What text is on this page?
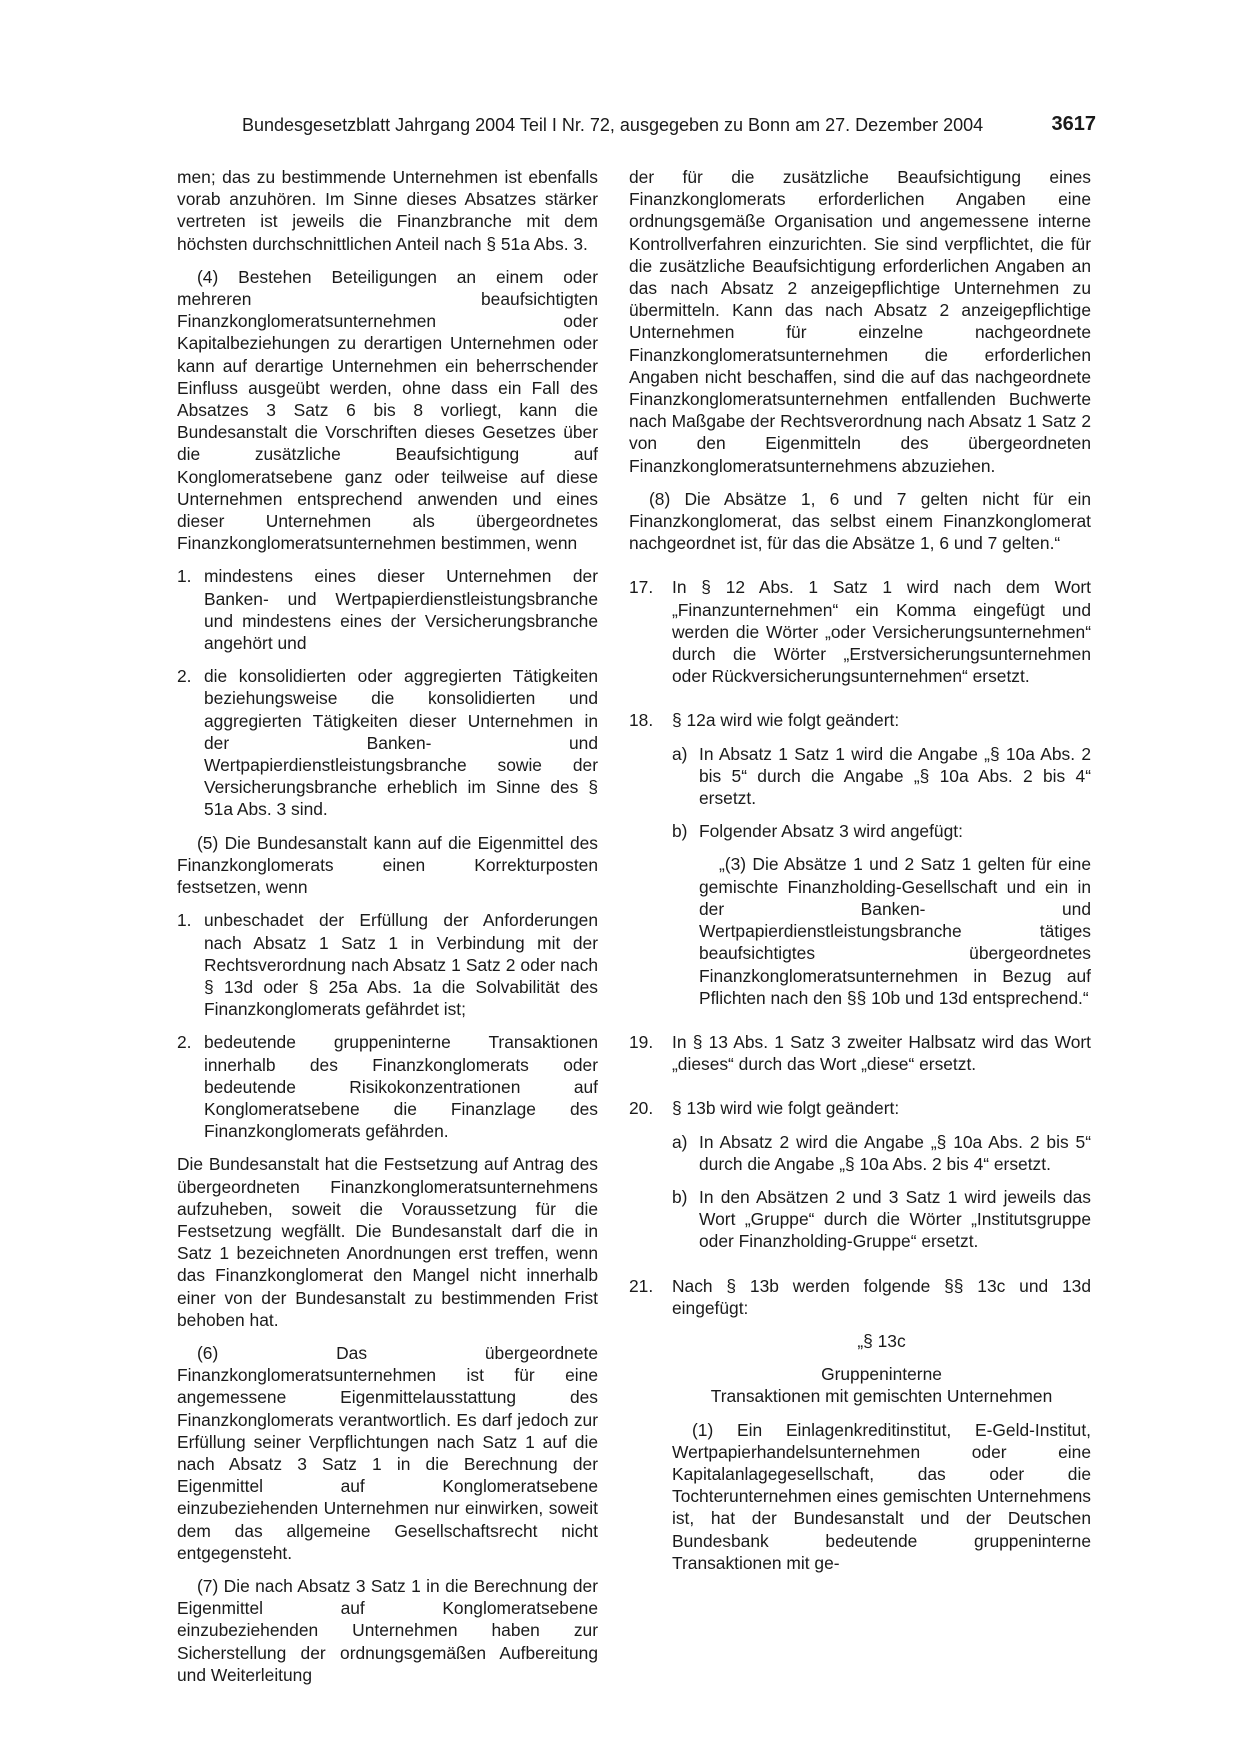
Bundesgesetzblatt Jahrgang 2004 Teil I Nr. 72, ausgegeben zu Bonn am 27. Dezember 2004	3617

men; das zu bestimmende Unternehmen ist ebenfalls vorab anzuhören. Im Sinne dieses Absatzes stärker vertreten ist jeweils die Finanzbranche mit dem höchsten durchschnittlichen Anteil nach § 51a Abs. 3.

(4) Bestehen Beteiligungen an einem oder mehreren beaufsichtigten Finanzkonglomeratsunternehmen oder Kapitalbeziehungen zu derartigen Unternehmen oder kann auf derartige Unternehmen ein beherrschender Einfluss ausgeübt werden, ohne dass ein Fall des Absatzes 3 Satz 6 bis 8 vorliegt, kann die Bundesanstalt die Vorschriften dieses Gesetzes über die zusätzliche Beaufsichtigung auf Konglomeratsebene ganz oder teilweise auf diese Unternehmen entsprechend anwenden und eines dieser Unternehmen als übergeordnetes Finanzkonglomeratsunternehmen bestimmen, wenn

1. mindestens eines dieser Unternehmen der Banken- und Wertpapierdienstleistungsbranche und mindestens eines der Versicherungsbranche angehört und
2. die konsolidierten oder aggregierten Tätigkeiten beziehungsweise die konsolidierten und aggregierten Tätigkeiten dieser Unternehmen in der Banken- und Wertpapierdienstleistungsbranche sowie der Versicherungsbranche erheblich im Sinne des § 51a Abs. 3 sind.

(5) Die Bundesanstalt kann auf die Eigenmittel des Finanzkonglomerats einen Korrekturposten festsetzen, wenn

1. unbeschadet der Erfüllung der Anforderungen nach Absatz 1 Satz 1 in Verbindung mit der Rechtsverordnung nach Absatz 1 Satz 2 oder nach § 13d oder § 25a Abs. 1a die Solvabilität des Finanzkonglomerats gefährdet ist;
2. bedeutende gruppeninterne Transaktionen innerhalb des Finanzkonglomerats oder bedeutende Risikokonzentrationen auf Konglomeratsebene die Finanzlage des Finanzkonglomerats gefährden.

Die Bundesanstalt hat die Festsetzung auf Antrag des übergeordneten Finanzkonglomeratsunternehmens aufzuheben, soweit die Voraussetzung für die Festsetzung wegfällt. Die Bundesanstalt darf die in Satz 1 bezeichneten Anordnungen erst treffen, wenn das Finanzkonglomerat den Mangel nicht innerhalb einer von der Bundesanstalt zu bestimmenden Frist behoben hat.

(6) Das übergeordnete Finanzkonglomeratsunternehmen ist für eine angemessene Eigenmittelausstattung des Finanzkonglomerats verantwortlich. Es darf jedoch zur Erfüllung seiner Verpflichtungen nach Satz 1 auf die nach Absatz 3 Satz 1 in die Berechnung der Eigenmittel auf Konglomeratsebene einzubeziehenden Unternehmen nur einwirken, soweit dem das allgemeine Gesellschaftsrecht nicht entgegensteht.

(7) Die nach Absatz 3 Satz 1 in die Berechnung der Eigenmittel auf Konglomeratsebene einzubeziehenden Unternehmen haben zur Sicherstellung der ordnungsgemäßen Aufbereitung und Weiterleitung

der für die zusätzliche Beaufsichtigung eines Finanzkonglomerats erforderlichen Angaben eine ordnungsgemäße Organisation und angemessene interne Kontrollverfahren einzurichten. Sie sind verpflichtet, die für die zusätzliche Beaufsichtigung erforderlichen Angaben an das nach Absatz 2 anzeigepflichtige Unternehmen zu übermitteln. Kann das nach Absatz 2 anzeigepflichtige Unternehmen für einzelne nachgeordnete Finanzkonglomeratsunternehmen die erforderlichen Angaben nicht beschaffen, sind die auf das nachgeordnete Finanzkonglomeratsunternehmen entfallenden Buchwerte nach Maßgabe der Rechtsverordnung nach Absatz 1 Satz 2 von den Eigenmitteln des übergeordneten Finanzkonglomeratsunternehmens abzuziehen.

(8) Die Absätze 1, 6 und 7 gelten nicht für ein Finanzkonglomerat, das selbst einem Finanzkonglomerat nachgeordnet ist, für das die Absätze 1, 6 und 7 gelten.“

17.	In § 12 Abs. 1 Satz 1 wird nach dem Wort „Finanzunternehmen“ ein Komma eingefügt und werden die Wörter „oder Versicherungsunternehmen“ durch die Wörter „Erstversicherungsunternehmen oder Rückversicherungsunternehmen“ ersetzt.
18.	§ 12a wird wie folgt geändert:
a) In Absatz 1 Satz 1 wird die Angabe „§ 10a Abs. 2 bis 5“ durch die Angabe „§ 10a Abs. 2 bis 4“ ersetzt.
b) Folgender Absatz 3 wird angefügt:

„(3) Die Absätze 1 und 2 Satz 1 gelten für eine gemischte Finanzholding-Gesellschaft und ein in der Banken- und Wertpapierdienstleistungsbranche tätiges beaufsichtigtes übergeordnetes Finanzkonglomeratsunternehmen in Bezug auf Pflichten nach den §§ 10b und 13d entsprechend.“

19.	In § 13 Abs. 1 Satz 3 zweiter Halbsatz wird das Wort „dieses“ durch das Wort „diese“ ersetzt.
20.	§ 13b wird wie folgt geändert:
a) In Absatz 2 wird die Angabe „§ 10a Abs. 2 bis 5“ durch die Angabe „§ 10a Abs. 2 bis 4“ ersetzt.
b) In den Absätzen 2 und 3 Satz 1 wird jeweils das Wort „Gruppe“ durch die Wörter „Institutsgruppe oder Finanzholding-Gruppe“ ersetzt.
21.	Nach § 13b werden folgende §§ 13c und 13d eingefügt:

„§ 13c

Gruppeninterne

Transaktionen mit gemischten Unternehmen

(1) Ein Einlagenkreditinstitut, E-Geld-Institut, Wertpapierhandelsunternehmen oder eine Kapitalanlagegesellschaft, das oder die Tochterunternehmen eines gemischten Unternehmens ist, hat der Bundesanstalt und der Deutschen Bundesbank bedeutende gruppeninterne Transaktionen mit ge-
